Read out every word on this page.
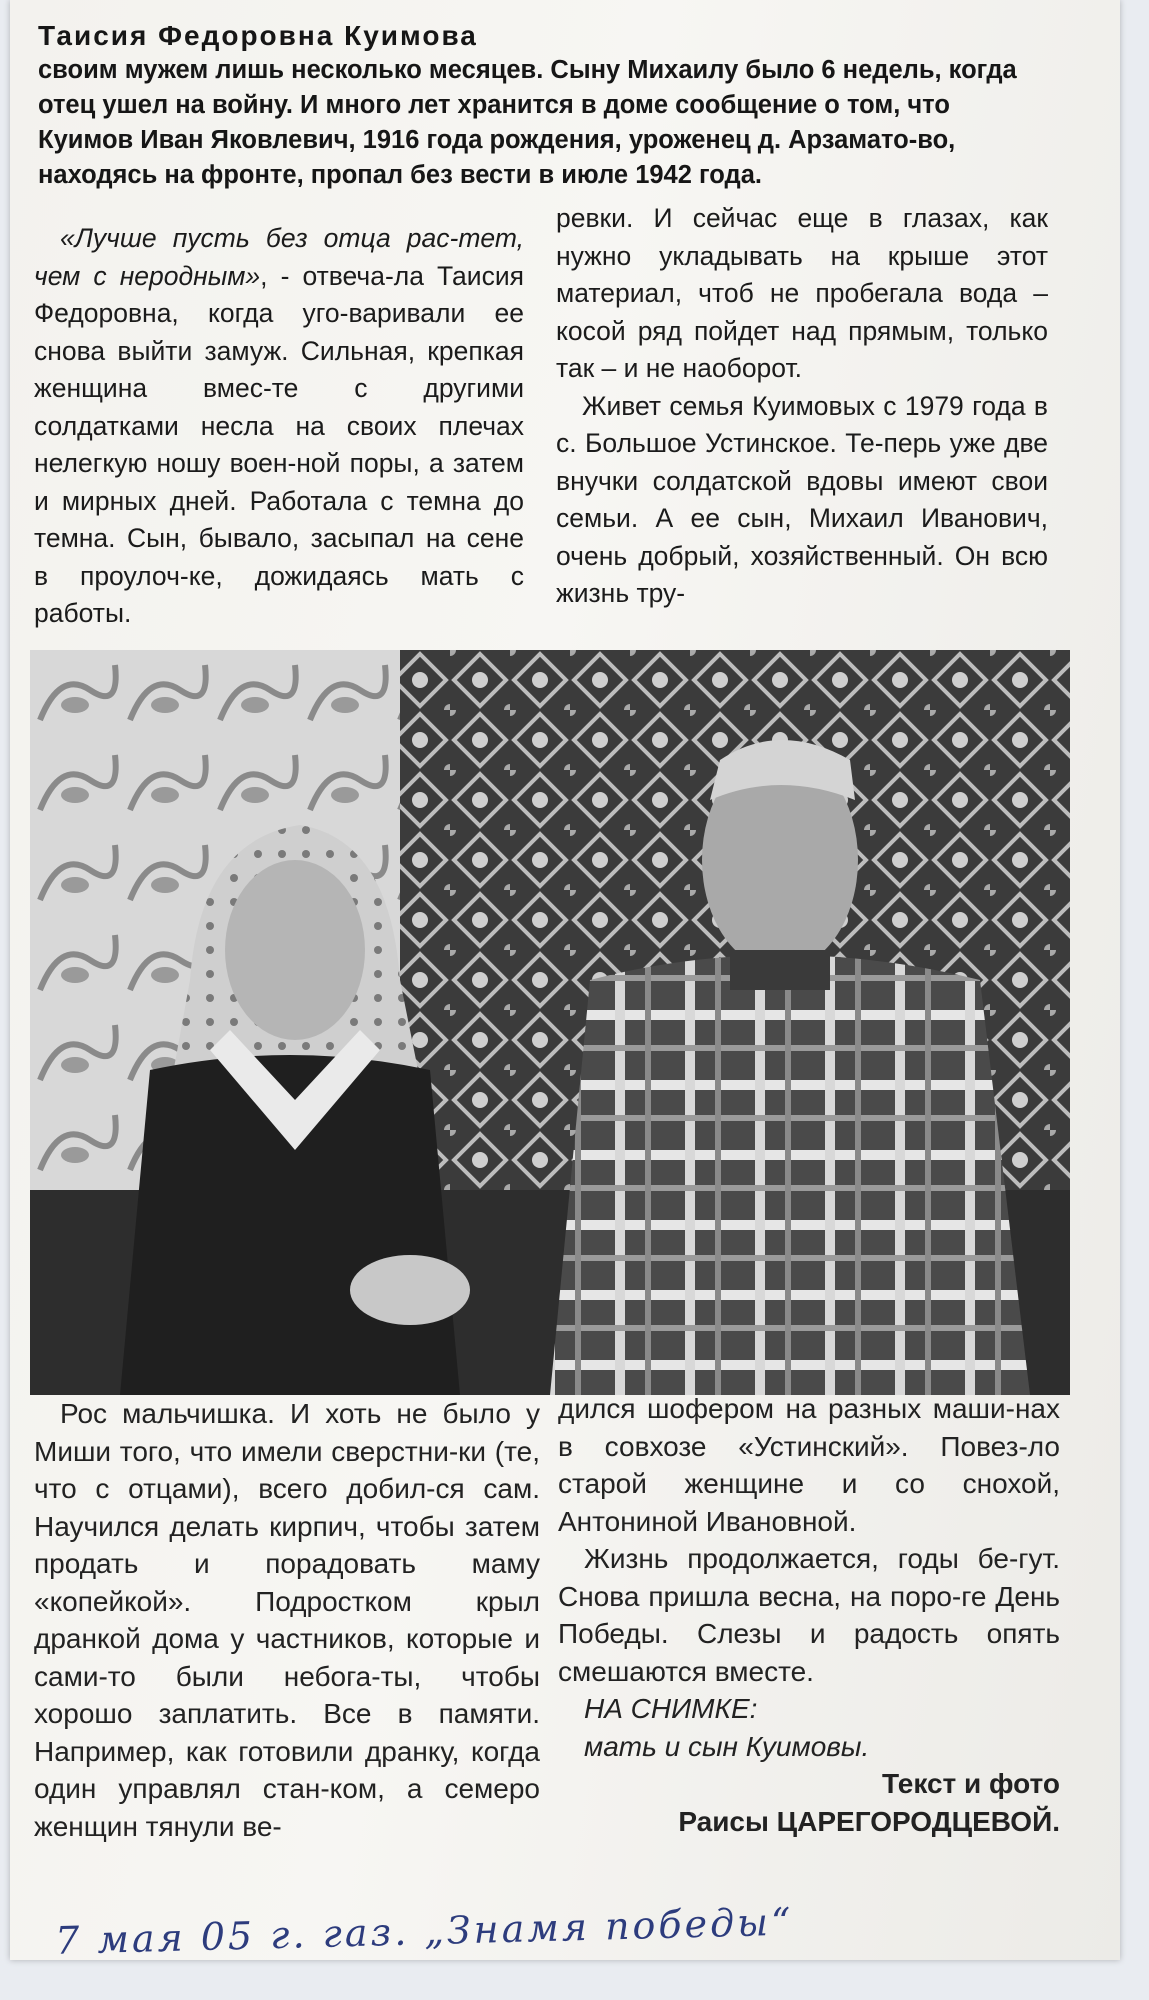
Таисия Федоровна Куимова
своим мужем лишь несколько месяцев. Сыну Михаилу было 6 недель, когда отец ушел на войну. И много лет хранится в доме сообщение о том, что Куимов Иван Яковлевич, 1916 года рождения, уроженец д. Арзамато-во, находясь на фронте, пропал без вести в июле 1942 года.

«Лучше пусть без отца рас-тет, чем с неродным», - отвеча-ла Таисия Федоровна, когда уго-варивали ее снова выйти замуж. Сильная, крепкая женщина вмес-те с другими солдатками несла на своих плечах нелегкую ношу воен-ной поры, а затем и мирных дней. Работала с темна до темна. Сын, бывало, засыпал на сене в проулоч-ке, дожидаясь мать с работы.

ревки. И сейчас еще в глазах, как нужно укладывать на крыше этот материал, чтоб не пробегала вода – косой ряд пойдет над прямым, только так – и не наоборот.

Живет семья Куимовых с 1979 года в с. Большое Устинское. Те-перь уже две внучки солдатской вдовы имеют свои семьи. А ее сын, Михаил Иванович, очень добрый, хозяйственный. Он всю жизнь тру-

Рос мальчишка. И хоть не было у Миши того, что имели сверстни-ки (те, что с отцами), всего добил-ся сам. Научился делать кирпич, чтобы затем продать и порадовать маму «копейкой». Подростком крыл дранкой дома у частников, которые и сами-то были небога-ты, чтобы хорошо заплатить. Все в памяти. Например, как готовили дранку, когда один управлял стан-ком, а семеро женщин тянули ве-

дился шофером на разных маши-нах в совхозе «Устинский». Повез-ло старой женщине и со снохой, Антониной Ивановной.

Жизнь продолжается, годы бе-гут. Снова пришла весна, на поро-ге День Победы. Слезы и радость опять смешаются вместе.

НА СНИМКЕ:

мать и сын Куимовы.

Текст и фото

Раисы ЦАРЕГОРОДЦЕВОЙ.

7 мая 05 г. газ. „Знамя победы“
